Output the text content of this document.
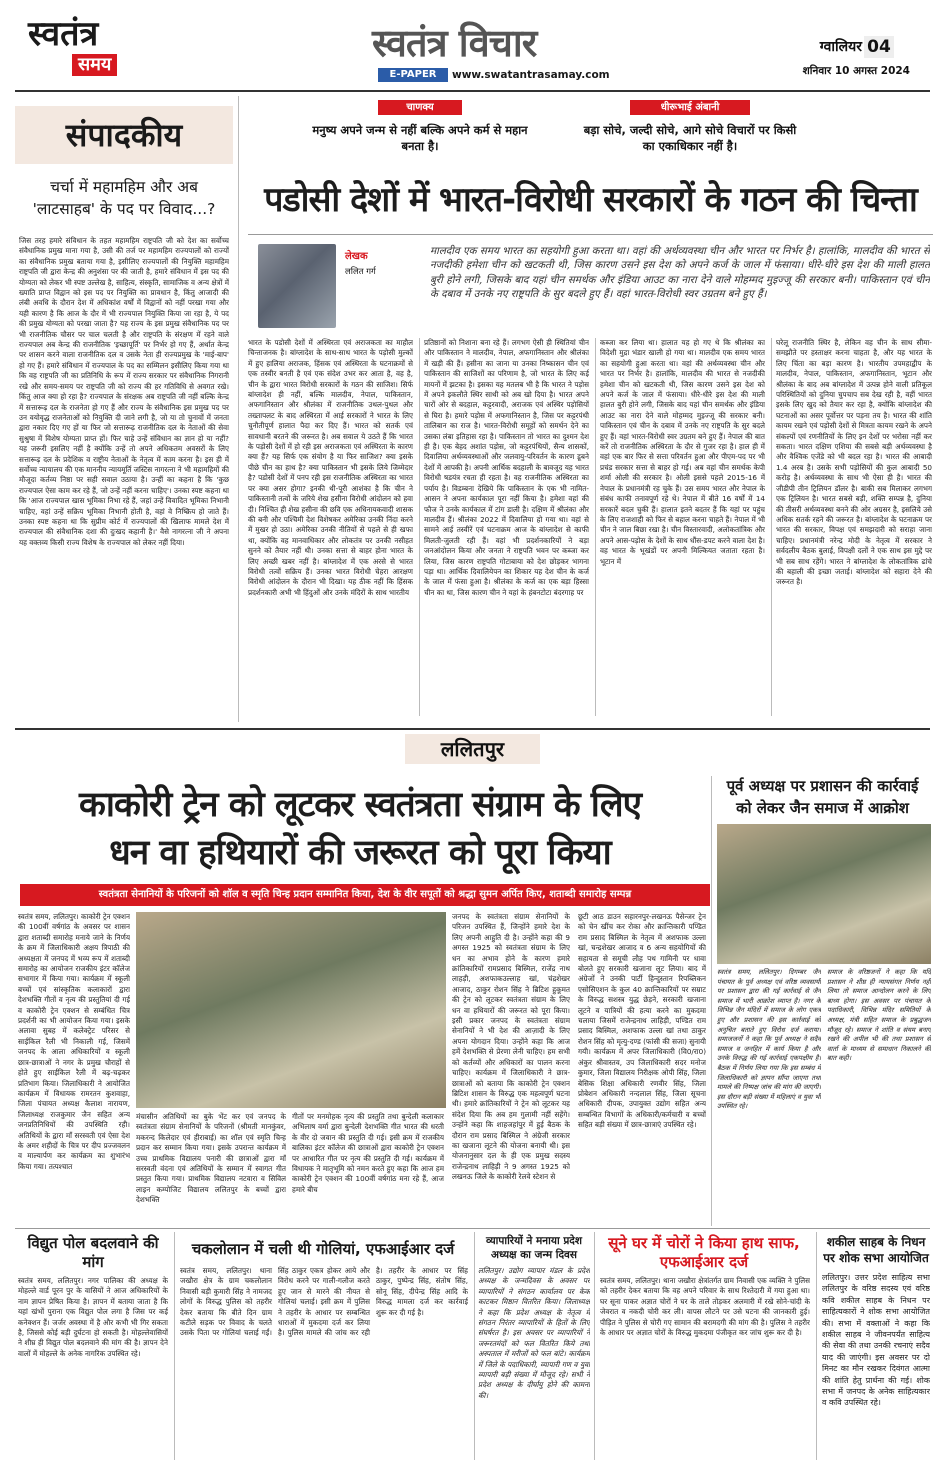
स्वतंत्र
समय	स्वतंत्र विचार
E-PAPER	www.swatantrasamay.com
ग्वालियर 04
शनिवार 10 अगस्त 2024
संपादकीय
चर्चा में महामहिम और अब 'लाटसाहब' के पद पर विवाद...?
जिस तरह हमारे संविधान के तहत महामहिम राष्ट्रपति जी को देश का सर्वोच्च संवैधानिक प्रमुख माना गया है, उसी की तर्ज पर महामहिम राज्यपालों को राज्यों का संवैधानिक प्रमुख बताया गया है, इसीलिए राज्यपालों की नियुक्ति महामहिम राष्ट्रपति जी द्वारा केन्द्र की अनुशंसा पर की जाती है, हमारे संविधान में इस पद की योग्यता को लेकर भी स्पष्ट उल्लेख है, साहित्य, संस्कृति, सामाजिक व अन्य क्षेत्रों में ख्याति प्राप्त विद्वान को इस पद पर नियुक्ति का प्रावधान है, किंतु आजादी की लंबी अवधि के दौरान देश में अधिकांश वर्षों में विद्वानों को नहीं परखा गया और यही कारण है कि आज के दौर में भी राज्यपाल नियुक्ति किया जा रहा है, ये पद की प्रमुख योग्यता को परखा जाता है? यह राज्य के इस प्रमुख संवैधानिक पद पर भी राजनीतिक चौसर पर चाल चलती है और राष्ट्रपति के संरक्षण में रहने वाले राज्यपाल अब केन्द्र की राजनीतिक 'इच्छापूर्ति' पर निर्भर हो गए हैं, अर्थात केन्द्र पर शासन करने वाला राजनीतिक दल व उसके नेता ही राज्यप्रमुख के 'माई-बाप' हो गए हैं। हमारे संविधान में राज्यपाल के पद का सम्मिलन इसीलिए किया गया था कि वह राष्ट्रपति जी का प्रतिनिधि के रूप में राज्य सरकार पर संवैधानिक निगरानी रखे और समय-समय पर राष्ट्रपति जी को राज्य की हर गतिविधि से अवगत रखे। किंतु आज क्या हो रहा है? राज्यपाल के संरक्षक अब राष्ट्रपति जी नहीं बल्कि केन्द्र में सत्तारूढ़ दल के राजनेता हो गए हैं और राज्य के संवैधानिक इस प्रमुख पद पर उन वयोवृद्ध राजनेताओं को नियुक्ति दी जाने लगी है, जो या तो चुनावों में जनता द्वारा नकार दिए गए हों या फिर जो सत्तारूढ़ राजनीतिक दल के नेताओं की सेवा सुश्रुषा में विशेष योग्यता प्राप्त हों। फिर चाहे उन्हें संविधान का ज्ञान हो या नहीं? यह जरूरी इसलिए नहीं है क्योंकि उन्हें तो अपने अधिकतम अवसरों के लिए सत्तारूढ़ दल के प्रदेशिक व राष्ट्रीय नेताओं के नेतृत्व में काम करना है। इस ही में सर्वोच्च न्यायालय की एक माननीय न्यायमूर्ति जस्टिस नागरत्ना ने भी महामहिमों की मौजूदा कर्तव्य निष्ठा पर सही सवाल उठाया है। उन्हीं का कहना है कि 'कुछ राज्यपाल ऐसा काम कर रहे हैं, जो उन्हें नहीं करना चाहिए'। उनका स्पष्ट कहना था कि 'आज राज्यपाल खास भूमिका निभा रहे हैं, जहां उन्हें विवादित भूमिका निभानी चाहिए, वहां उन्हें सक्रिय भूमिका निभानी होती है, वहां वे निष्क्रिय हो जाते हैं। उनका स्पष्ट कहना था कि सुप्रीम कोर्ट में राज्यपालों की खिलाफ मामले देश में राज्यपाल की संवैधानिक दशा की दुःखद कहानी है।' वैसे नागरत्ना जी ने अपना यह वक्तव्य किसी राज्य विशेष के राज्यपाल को लेकर नहीं दिया।
चाणक्य
मनुष्य अपने जन्म से नहीं बल्कि अपने कर्म से महान बनता है।
धीरूभाई अंबानी
बड़ा सोचे, जल्दी सोचे, आगे सोचे विचारों पर किसी का एकाधिकार नहीं है।
पडोसी देशों में भारत-विरोधी सरकारों के गठन की चिन्ता
लेखक
ललित गर्ग
मालदीव एक समय भारत का सहयोगी हुआ करता था। वहां की अर्थव्यवस्था चीन और भारत पर निर्भर है। हालांकि, मालदीव की भारत से नजदीकी हमेशा चीन को खटकती थी, जिस कारण उसने इस देश को अपने कर्ज के जाल में फंसाया। धीरे-धीरे इस देश की माली हालत बुरी होने लगी, जिसके बाद यहां चीन समर्थक और इंडिया आउट का नारा देने वाले मोहम्मद मुइज्जू की सरकार बनी। पाकिस्तान एवं चीन के दबाव में उनके नए राष्ट्रपति के सुर बदले हुए हैं। वहां भारत-विरोधी स्वर उग्रतम बने हुए हैं।
भारत के पडोसी देशों में अस्थिरता एवं अराजकता का माहौल चिन्ताजनक है। बांग्लादेश के साथ-साथ भारत के पड़ोसी मुल्कों में हुए हालिया अराजक, हिंसक एवं अस्थिरता के घटनाक्रमों से एक तस्वीर बनती है एवं एक संदेश उभर कर आता है, वह है, चीन के द्वारा भारत विरोधी सरकारों के गठन की साजिश। सिर्फ बांग्लादेश ही नहीं, बल्कि मालदीव, नेपाल, पाकिस्तान, अफगानिस्तान और श्रीलंका में राजनीतिक उथल-पुथल और तख्तापलट के बाद अस्थिरता में आई सरकारों ने भारत के लिए चुनौतीपूर्ण हालात पैदा कर दिए हैं। भारत को सतर्क एवं सावधानी बरतने की जरूरत है। अब सवाल ये उठते हैं कि भारत के पड़ोसी देशों में हो रही इस अराजकता एवं अस्थिरता के कारण क्या हैं? यह सिर्फ एक संयोग है या फिर साजिश? क्या इसके पीछे चीन का हाथ है? क्या पाकिस्तान भी इसके लिये जिम्मेदार है? पडोसी देशों में पनप रही इस राजनीतिक अस्थिरता का भारत पर क्या असर होगा? इनकी थी-पूरी आशंका है कि चीन ने पाकिस्तानी तत्वों के जरिये शेख हसीना विरोधी आंदोलन को हवा दी। निश्चित ही शेख हसीना की छवि एक अधिनायकवादी शासक की बनी और पश्चिमी देश विशेषकर अमेरिका उनकी निंदा करने में मुखर हो उठा। अमेरिका उनकी नीतियों से पहले से ही खफा था, क्योंकि वह मानवाधिकार और लोकतंत्र पर उनकी नसीहत सुनने को तैयार नहीं थी। उनका सत्ता से बाहर होना भारत के लिए अच्छी खबर नहीं है। बांग्लादेश में एक अरसे से भारत विरोधी तत्वों सक्रिय हैं। उनका भारत विरोधी चेहरा आरक्षण विरोधी आंदोलन के दौरान भी दिखा। यह ठीक नहीं कि हिंसक प्रदर्शनकारी अभी भी हिंदुओं और उनके मंदिरों के साथ भारतीय
प्रतिष्ठानों को निशाना बना रहे हैं। लगभग ऐसी ही स्थितियां चीन और पाकिस्तान ने मालदीव, नेपाल, अफगानिस्तान और श्रीलंका में खड़ी की हैं। हसीना का जाना या उनका निष्कासन चीन एवं पाकिस्तान की साजिशों का परिणाम है, जो भारत के लिए कई मायनों में झटका है। इसका यह मतलब भी है कि भारत ने पड़ोस में अपने इकलौते स्थिर साथी को अब खो दिया है। भारत अपने चारों ओर से बदहाल, कट्टरवादी, अराजक एवं अस्थिर पड़ोसियों से घिरा है। हमारे पड़ोस में अफगानिस्तान है, जिस पर कट्टरपंथी तालिबान का राज है। भारत-विरोधी समूहों को समर्थन देने का उसका लंबा इतिहास रहा है। पाकिस्तान तो भारत का दुश्मन देश ही है। एक बेहद अशांत पड़ोस, जो कट्टरपंथियों, सैन्य शासकों, दिवालिया अर्थव्यवस्थाओं और जलवायु-परिवर्तन के कारण डूबने देशों में आपकी है। अपनी आर्थिक बदहाली के बावजूद यह भारत विरोधी षडयंत्र रचता ही रहता है। वह राजनीतिक अस्थिरता का पर्याय है। विडम्बना देखिये कि पाकिस्तान के एक भी नामित-आसन ने अपना कार्यकाल पूरा नहीं किया है। हमेशा वहां की फौज ने उनके कार्यकाल में टांग डाली है। दक्षिण में श्रीलंका और मालदीव हैं। श्रीलंका 2022 में दिवालिया हो गया था। वहां से सामने आई तस्वीरें एवं घटनाक्रम आज के बांग्लादेश से काफी मिलती-जुलती रही हैं। वहां भी प्रदर्शनकारियों ने बड़ा जनआंदोलन किया और जनता ने राष्ट्रपति भवन पर कब्जा कर लिया, जिस कारण राष्ट्रपति गोटाबाया को देश छोड़कर भागना पड़ा था। आर्थिक दिवालियेपन का शिकार यह देश चीन के कर्ज के जाल में फंसा हुआ है। श्रीलंका के कर्ज का एक बड़ा हिस्सा चीन का था, जिस कारण चीन ने यहां के हंबनटोटा बंदरगाह पर
कब्जा कर लिया था। हालात यह हो गए थे कि श्रीलंका का विदेशी मुद्रा भंडार खाली हो गया था। मालदीव एक समय भारत का सहयोगी हुआ करता था। वहां की अर्थव्यवस्था चीन और भारत पर निर्भर है। हालांकि, मालदीव की भारत से नजदीकी हमेशा चीन को खटकती थी, जिस कारण उसने इस देश को अपने कर्ज के जाल में फंसाया। धीरे-धीरे इस देश की माली हालत बुरी होने लगी, जिसके बाद यहां चीन समर्थक और इंडिया आउट का नारा देने वाले मोहम्मद मुइज्जू की सरकार बनी। पाकिस्तान एवं चीन के दबाव में उनके नए राष्ट्रपति के सुर बदले हुए हैं। वहां भारत-विरोधी स्वर उग्रतम बने हुए हैं। नेपाल की बात करें तो राजनीतिक अस्थिरता के दौर से गुजर रहा है। हाल ही में वहां एक बार फिर से सत्ता परिवर्तन हुआ और पीएम-पद पर भी प्रचंड सरकार सत्ता से बाहर हो गई। अब वहां चीन समर्थक केपी शर्मा ओली की सरकार है। ओली इससे पहले 2015-16 में नेपाल के प्रधानमंत्री रह चुके हैं। उस समय भारत और नेपाल के संबंध काफी तनावपूर्ण रहे थे। नेपाल में बीते 16 वर्षों में 14 सरकारें बदल चुकी हैं। हालात इतने बदतर हैं कि यहां पर पहुंच के लिए राजशाही को फिर से बहाल करना चाहते हैं। नेपाल में भी चीन ने जाल बिछा रखा है। चीन विस्तारवादी, अलोकतांत्रिक और अपने आस-पड़ोस के देशों के साथ धौंस-डपट करने वाला देश है। वह भारत के भूखंडों पर अपनी मिल्कियत जताता रहता है। भूटान में
घरेलू राजनीति स्थिर है, लेकिन वह चीन के साथ सीमा-समझौते पर हस्ताक्षर करना चाहता है, और यह भारत के लिए चिंता का बड़ा कारण है। भारतीय उपमहाद्वीप के मालदीव, नेपाल, पाकिस्तान, अफगानिस्तान, भूटान और श्रीलंका के बाद अब बांग्लादेश में उत्पन्न होने वाली प्रतिकूल परिस्थितियों को दुनिया चुपचाप सब देख रही है, वहीं भारत इसके लिए खुद को तैयार कर रहा है, क्योंकि बांग्लादेश की घटनाओं का असर पूर्वोत्तर पर पड़ना तय है। भारत की शांति कायम रखने एवं पड़ोसी देशों से मित्रता कायम रखने के अपने संकल्पों एवं रणनीतियों के लिए इन देशों पर भरोसा नहीं कर सकता। भारत दक्षिण एशिया की सबसे बड़ी अर्थव्यवस्था है और वैश्विक एजेंडे को भी बदल रहा है। भारत की आबादी 1.4 अरब है। उसके सभी पड़ोसियों की कुल आबादी 50 करोड़ है। अर्थव्यवस्था के साथ भी ऐसा ही है। भारत की जीडीपी तीन ट्रिलियन डॉलर है। बाकी सब मिलाकर लगभग एक ट्रिलियन है। भारत सबसे बड़ी, शक्ति सम्पन्न है, दुनिया की तीसरी अर्थव्यवस्था बनने की ओर अग्रसर है, इसलिये उसे अधिक सतर्क रहने की जरूरत है। बांग्लादेश के घटनाक्रम पर भारत की सरकार, विपक्ष एवं समझदारी को सराहा जाना चाहिए। प्रधानमंत्री नरेन्द्र मोदी के नेतृत्व में सरकार ने सर्वदलीय बैठक बुलाई, विपक्षी दलों ने एक साथ इस मुद्दे पर भी सब साथ रहेंगे। भारत ने बांग्लादेश के लोकतांत्रिक ढांचे की बहाली की इच्छा जताई। बांग्लादेश को सहारा देने की जरूरत है।
ललितपुर
काकोरी ट्रेन को लूटकर स्वतंत्रता संग्राम के लिए
धन वा हथियारों की जरूरत को पूरा किया
स्वतंत्रता सेनानियों के परिजनों को शॉल व स्मृति चिन्ह प्रदान सम्मानित किया, देश के वीर सपूतों को श्रद्धा सुमन अर्पित किए, शताब्दी समारोह सम्पन्न
पूर्व अध्यक्ष पर प्रशासन की कार्रवाई
को लेकर जैन समाज में आक्रोश
स्वतंत्र समय, ललितपुर। दिगम्बर जैन पंचायत के पूर्व अध्यक्ष एवं वरिष्ठ व्यवसायी पर प्रशासन द्वारा की गई कार्रवाई से जैन समाज में भारी आक्रोश व्याप्त है। नगर के विभिन्न जैन मंदिरों में समाज के लोग एकत्र हुए और प्रशासन की इस कार्रवाई को अनुचित बताते हुए विरोध दर्ज कराया। समाजजनों ने कहा कि पूर्व अध्यक्ष ने सदैव समाज व जनहित में कार्य किया है और उनके विरुद्ध की गई कार्रवाई एकपक्षीय है। बैठक में निर्णय लिया गया कि इस सम्बंध में जिलाधिकारी को ज्ञापन सौंपा जाएगा तथा मामले की निष्पक्ष जांच की मांग की जाएगी। इस दौरान बड़ी संख्या में महिलाएं व युवा भी उपस्थित रहे।
समाज के वरिष्ठजनों ने कहा कि यदि प्रशासन ने शीघ्र ही न्यायसंगत निर्णय नहीं लिया तो समाज आन्दोलन करने के लिए बाध्य होगा। इस अवसर पर पंचायत के पदाधिकारी, विभिन्न मंदिर समितियों के अध्यक्ष, मंत्री सहित समाज के प्रबुद्धजन मौजूद रहे। समाज ने शांति व संयम बनाए रखने की अपील भी की तथा प्रशासन से वार्ता के माध्यम से समाधान निकालने की बात कही।
स्वतंत्र समय, ललितपुर। काकोरी ट्रेन एक्शन की 100वीं वर्षगांठ के अवसर पर शासन द्वारा शताब्दी समारोह मनाये जाने के निर्णय के क्रम में जिलाधिकारी अक्षय त्रिपाठी की अध्यक्षता में जनपद में भव्य रूप में शताब्दी समारोह का आयोजन राजकीय इंटर कॉलेज सभागार में किया गया। कार्यक्रम में स्कूली बच्चों एवं सांस्कृतिक कलाकारों द्वारा देशभक्ति गीतों व नृत्य की प्रस्तुतियां दी गई व काकोरी ट्रेन एक्शन से सम्बंधित चित्र प्रदर्शनी का भी आयोजन किया गया। इसके अलावा सुबह में कलेक्ट्रेट परिसर से साईकिल रैली भी निकाली गई, जिसमें जनपद के आला अधिकारियों व स्कूली छात्र-छात्राओं ने नगर के प्रमुख चौराहों से होते हुए साईकिल रैली में बढ़-चढ़कर प्रतिभाग किया। जिलाधिकारी ने आयोजित कार्यक्रम में विधायक रामरतन कुशवाहा, जिला पंचायत अध्यक्ष कैलाश नारायण, जिलाध्यक्ष राजकुमार जैन सहित अन्य जनप्रतिनिधियों की उपस्थिति रही। अतिथियों के द्वारा माँ सरस्वती एवं ऐसा देश के अमर शहीदों के चित्र पर दीप प्रज्जवलन व माल्यार्पण कर कार्यक्रम का शुभारंभ किया गया। तत्पश्चात
मंचासीन अतिथियों का बुके भेंट कर एवं जनपद के स्वतंत्रता संग्राम सेनानियों के परिजनों (श्रीमती मानकुंवर, मकरन्द किलेदार एवं हीराबाई) का शॉल एवं स्मृति चिन्ह प्रदान कर सम्मान किया गया। इसके उपरान्त कार्यक्रम में उच्च प्राथमिक विद्यालय पनारी की छात्राओं द्वारा माँ सरस्वती वंदना एवं अतिथियों के सम्मान में स्वागत गीत प्रस्तुत किया गया। प्राथमिक विद्यालय नटवारा व सिविल लाइन कम्पोजिट विद्यालय ललितपुर के बच्चों द्वारा देशभक्ति
गीतों पर मनमोहक नृत्य की प्रस्तुति तथा बुन्देली कलाकार अभिलाष वर्मा द्वारा बुन्देली देशभक्ति गीत भारत की धरती के वीर दो जवान की प्रस्तुति दी गई। इसी क्रम में राजकीय बालिका इंटर कॉलेज की छात्राओं द्वारा काकोरी ट्रेन एक्शन पर आधारित गीत पर नृत्य की प्रस्तुति दी गई। कार्यक्रम में विधायक ने मातृभूमि को नमन करते हुए कहा कि आज हम काकोरी ट्रेन एक्शन की 100वीं वर्षगांठ मना रहे हैं, आज हमारे बीच
जनपद के स्वतंत्रता संग्राम सेनानियों के परिजन उपस्थित हैं, जिन्होंने हमारे देश के लिए अपनी आहुति दी है। उन्होंने कहा की 9 अगस्त 1925 को स्वतंत्रता संग्राम के लिए धन का अभाव होने के कारण हमारे क्रांतिकारियों रामप्रसाद बिस्मिल, राजेंद्र नाथ लाहड़ी, अशफाकउल्लाह खां, चंद्रशेखर आजाद, ठाकुर रोशन सिंह ने ब्रिटिश हुकूमत की ट्रेन को लूटकर स्वतंत्रता संग्राम के लिए धन वा हथियारों की जरूरत को पूरा किया। इसी प्रकार जनपद के स्वतंत्रता संग्राम सेनानियों ने भी देश की आज़ादी के लिए अपना योगदान दिया। उन्होंने कहा कि आज हमें देशभक्ति से प्रेरणा लेनी चाहिए। हम सभी को कर्तव्यों और अधिकारों का पालन करना चाहिए। कार्यक्रम में जिलाधिकारी ने छात्र-छात्राओं को बताया कि काकोरी ट्रेन एक्शन ब्रिटिश शासन के विरुद्ध एक महत्वपूर्ण घटना थी। हमारे क्रांतिकारियों ने ट्रेन को लूटकर यह संदेश दिया कि अब हम गुलामी नहीं सहेंगे। उन्होंने कहा कि शाहजहांपुर में हुई बैठक के दौरान राम प्रसाद बिस्मिल ने अंग्रेजी सरकार का खजाना लूटने की योजना बनायी थी। इस योजनानुसार दल के ही एक प्रमुख सदस्य राजेन्द्रनाथ लाहिड़ी ने 9 अगस्त 1925 को लखनऊ जिले के काकोरी रेलवे स्टेशन से
छूटी आठ डाउन सहारनपुर-लखनऊ पैसेन्जर ट्रेन को चेन खींच कर रोका और क्रान्तिकारी पण्डित राम प्रसाद बिस्मिल के नेतृत्व में अशफाक उल्ला खां, चन्द्रशेखर आजाद व 6 अन्य सहयोगियों की सहायता से समूची लौह पथ गामिनी पर धावा बोलते हुए सरकारी खजाना लूट लिया। बाद में अंग्रेजों ने उनकी पार्टी हिन्दुस्तान रिपब्लिकन एसोसिएशन के कुल 40 क्रान्तिकारियों पर सम्राट के विरुद्ध सशस्त्र युद्ध छेड़ने, सरकारी खजाना लूटने व यात्रियों की हत्या करने का मुकदमा चलाया जिसमें राजेन्द्रनाथ लाहिड़ी, पण्डित राम प्रसाद बिस्मिल, अशफाक उल्ला खां तथा ठाकुर रोशन सिंह को मृत्यु-दण्ड (फांसी की सजा) सुनायी गयी। कार्यक्रम में अपर जिलाधिकारी (वि0/रा0) अंकुर श्रीवास्तव, उप जिलाधिकारी सदर मनोज कुमार, जिला विद्यालय निरीक्षक ओपी सिंह, जिला बेसिक शिक्षा अधिकारी रणवीर सिंह, जिला प्रोबेशन अधिकारी नन्दलाल सिंह, जिला सूचना अधिकारी दीपक, उपायुक्त उद्योग सहित अन्य सम्बन्धित विभागों के अधिकारी/कर्मचारी व बच्चों सहित बड़ी संख्या में छात्र-छात्राएं उपस्थित रहे।
विद्युत पोल बदलवाने की मांग
स्वतंत्र समय, ललितपुर। नगर पालिका की अध्यक्ष के मोहल्ले वार्ड पूरन पुर के वासियों ने आज अधिकारियों के नाम ज्ञापन प्रेषित किया है। ज्ञापन में बताया जाता है कि यहां खंभों पुराना एक विद्युत पोल लगा है जिस पर कई कनेक्शन हैं। जर्जर अवस्था में है और कभी भी गिर सकता है, जिससे कोई बड़ी दुर्घटना हो सकती है। मोहल्लेवासियों ने शीघ्र ही विद्युत पोल बदलवाने की मांग की है। ज्ञापन देने वालों में मोहल्ले के अनेक नागरिक उपस्थित रहे।
चकलोलान में चली थी गोलियां, एफआईआर दर्ज
स्वतंत्र समय, ललितपुर। थाना जखौरा क्षेत्र के ग्राम चकलोलान निवासी बड़ी कुमारी सिंह ने नामजद लोगों के विरुद्ध पुलिस को तहरीर देकर बताया कि बीते दिन ग्राम कटीले सड़क पर विवाद के चलते उसके पिता पर गोलियां चलाई गईं। सिंह ठाकुर एकत्र होकर आये और विरोध करने पर गाली-गलौज करते हुए जान से मारने की नीयत से गोलियां चलाई। इसी क्रम में पुलिस ने तहरीर के आधार पर सम्बन्धित धाराओं में मुकदमा दर्ज कर लिया है। पुलिस मामले की जांच कर रही है। तहरीर के आधार पर सिंह ठाकुर, पुष्पेन्द्र सिंह, संतोष सिंह, सोनू सिंह, दीपेन्द्र सिंह आदि के विरुद्ध मामला दर्ज कर कार्रवाई शुरू कर दी गई है।
व्यापारियों ने मनाया प्रदेश अध्यक्ष का जन्म दिवस
ललितपुर। उद्योग व्यापार मंडल के प्रदेश अध्यक्ष के जन्मदिवस के अवसर पर व्यापारियों ने संगठन कार्यालय पर केक काटकर मिष्ठान वितरित किया। जिलाध्यक्ष ने कहा कि प्रदेश अध्यक्ष के नेतृत्व में संगठन निरंतर व्यापारियों के हितों के लिए संघर्षरत है। इस अवसर पर व्यापारियों ने जरूरतमंदों को फल वितरित किये तथा अस्पताल में मरीजों को फल बांटे। कार्यक्रम में जिले के पदाधिकारी, व्यापारी गण व युवा व्यापारी बड़ी संख्या में मौजूद रहे। सभी ने प्रदेश अध्यक्ष के दीर्घायु होने की कामना की।
सूने घर में चोरों ने किया हाथ साफ, एफआईआर दर्ज
स्वतंत्र समय, ललितपुर। थाना जखौरा क्षेत्रांतर्गत ग्राम निवासी एक व्यक्ति ने पुलिस को तहरीर देकर बताया कि वह अपने परिवार के साथ रिश्तेदारी में गया हुआ था। घर सूना पाकर अज्ञात चोरों ने घर के ताले तोड़कर अलमारी में रखे सोने-चांदी के जेवरात व नकदी चोरी कर ली। वापस लौटने पर उसे घटना की जानकारी हुई। पीड़ित ने पुलिस से चोरी गए सामान की बरामदगी की मांग की है। पुलिस ने तहरीर के आधार पर अज्ञात चोरों के विरुद्ध मुकदमा पंजीकृत कर जांच शुरू कर दी है।
शकील साहब के निधन पर शोक सभा आयोजित
ललितपुर। उत्तर प्रदेश साहित्य सभा ललितपुर के वरिष्ठ सदस्य एवं वरिष्ठ कवि शकील साहब के निधन पर साहित्यकारों ने शोक सभा आयोजित की। सभा में वक्ताओं ने कहा कि शकील साहब ने जीवनपर्यंत साहित्य की सेवा की तथा उनकी रचनाएं सदैव याद की जाएंगी। इस अवसर पर दो मिनट का मौन रखकर दिवंगत आत्मा की शांति हेतु प्रार्थना की गई। शोक सभा में जनपद के अनेक साहित्यकार व कवि उपस्थित रहे।
